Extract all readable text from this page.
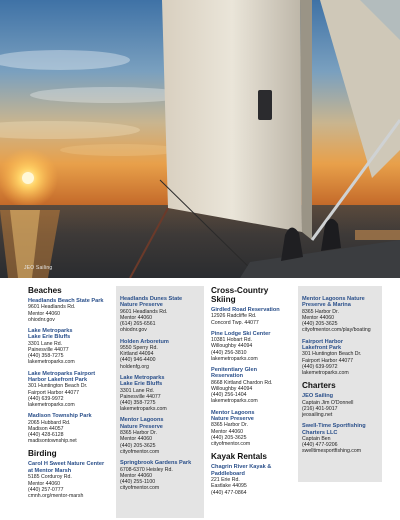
JEO Sailing
Beaches
Headlands Beach State Park
9601 Headlands Rd.
Mentor 44060
ohiodnr.gov
Lake Metroparks
Lake Erie Bluffs
3301 Lane Rd.
Painesville 44077
(440) 358-7275
lakemetroparks.com
Lake Metroparks Fairport
Harbor Lakefront Park
301 Huntington Beach Dr.
Fairport Harbor 44077
(440) 639-9972
lakemetroparks.com
Madison Township Park
2065 Hubbard Rd.
Madison 44057
(440) 428-6128
madisontownship.net
Birding
Carol H Sweet Nature Center
at Mentor Marsh
5185 Corduroy Rd.
Mentor 44060
(440) 257-0777
cmnh.org/mentor-marsh
Headlands Dunes State
Nature Preserve
9601 Headlands Rd.
Mentor 44060
(614) 265-6561
ohiodnr.gov
Holden Arboretum
9550 Sperry Rd.
Kirtland 44094
(440) 946-4400
holdenfg.org
Lake Metroparks
Lake Erie Bluffs
3301 Lane Rd.
Painesville 44077
(440) 358-7275
lakemetroparks.com
Mentor Lagoons
Nature Preserve
8365 Harbor Dr.
Mentor 44060
(440) 205-3625
cityofmentor.com
Springbrook Gardens Park
6708-6370 Heisley Rd.
Mentor 44060
(440) 255-1100
cityofmentor.com
Cross-Country Skiing
Girdled Road Reservation
12926 Radcliffe Rd.
Concord Twp. 44077
Pine Lodge Ski Center
10381 Hobart Rd.
Willoughby 44094
(440) 256-3810
lakemetroparks.com
Penitentiary Glen
Reservation
8668 Kirtland Chardon Rd.
Willoughby 44094
(440) 256-1404
lakemetroparks.com
Mentor Lagoons
Nature Preserve
8365 Harbor Dr.
Mentor 44060
(440) 205-3625
cityofmentor.com
Kayak Rentals
Chagrin River Kayak &
Paddleboard
221 Erie Rd.
Eastlake 44095
(440) 477-0864
Mentor Lagoons Nature
Preserve & Marina
8365 Harbor Dr.
Mentor 44060
(440) 205-3625
cityofmentor.com/play/boating
Fairport Harbor
Lakefront Park
301 Huntington Beach Dr.
Fairport Harbor 44077
(440) 639-9972
lakemetroparks.com
Charters
JEO Sailing
Captain Jim O'Donnell
(216) 401-9017
jeosailing.net
Swell-Time Sportfishing
Charters LLC
Captain Ben
(440) 477-9206
swelltimesportfishing.com
